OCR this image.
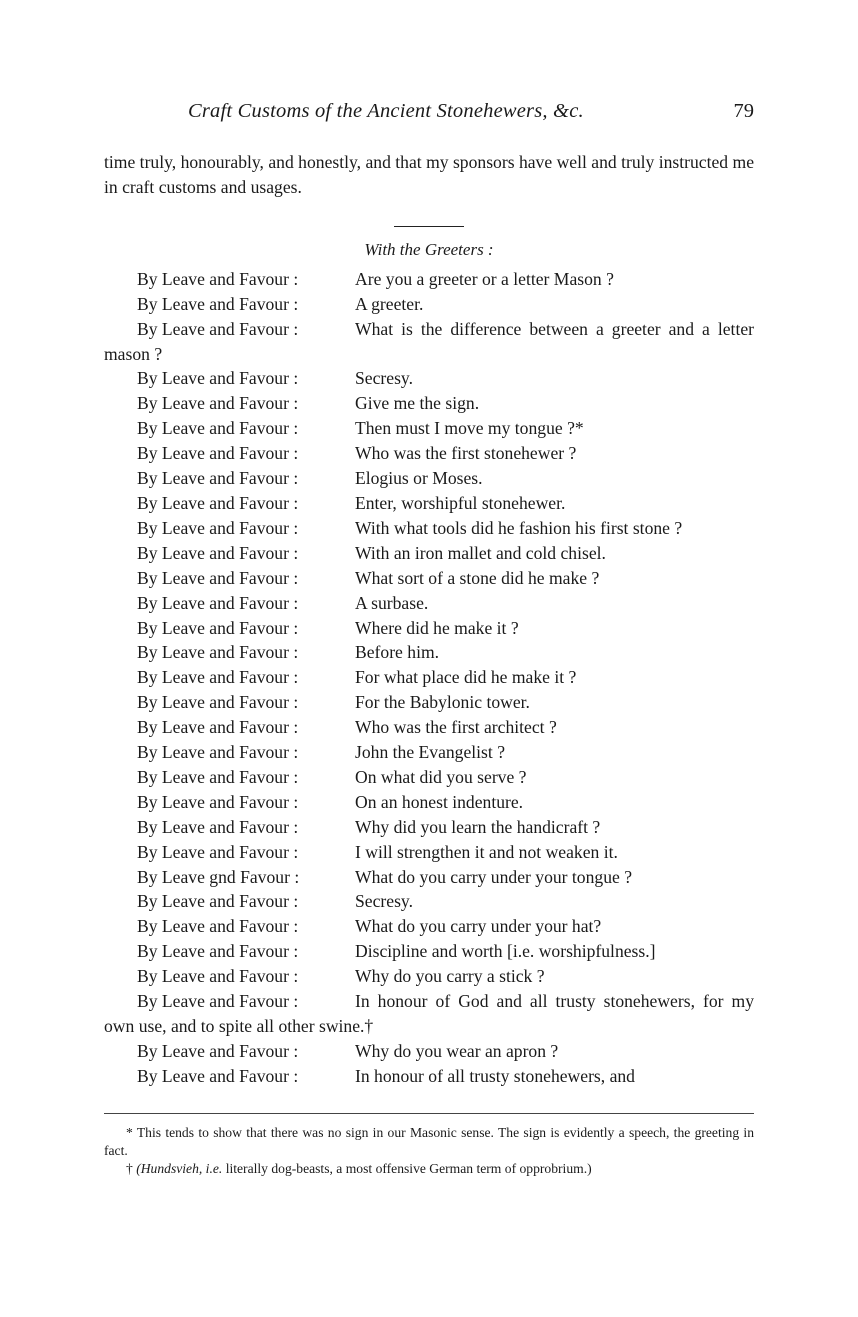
Craft Customs of the Ancient Stonehewers, &c.	79

time truly, honourably, and honestly, and that my sponsors have well and truly instructed me in craft customs and usages.

With the Greeters :
By Leave and Favour :	Are you a greeter or a letter Mason ?
By Leave and Favour :	A greeter.
By Leave and Favour :	What is the difference between a greeter and a letter mason ?
By Leave and Favour :	Secresy.
By Leave and Favour :	Give me the sign.
By Leave and Favour :	Then must I move my tongue ?*
By Leave and Favour :	Who was the first stonehewer ?
By Leave and Favour :	Elogius or Moses.
By Leave and Favour :	Enter, worshipful stonehewer.
By Leave and Favour :	With what tools did he fashion his first stone ?
By Leave and Favour :	With an iron mallet and cold chisel.
By Leave and Favour :	What sort of a stone did he make ?
By Leave and Favour :	A surbase.
By Leave and Favour :	Where did he make it ?
By Leave and Favour :	Before him.
By Leave and Favour :	For what place did he make it ?
By Leave and Favour :	For the Babylonic tower.
By Leave and Favour :	Who was the first architect ?
By Leave and Favour :	John the Evangelist ?
By Leave and Favour :	On what did you serve ?
By Leave and Favour :	On an honest indenture.
By Leave and Favour :	Why did you learn the handicraft ?
By Leave and Favour :	I will strengthen it and not weaken it.
By Leave gnd Favour :	What do you carry under your tongue ?
By Leave and Favour :	Secresy.
By Leave and Favour :	What do you carry under your hat?
By Leave and Favour :	Discipline and worth [i.e. worshipfulness.]
By Leave and Favour :	Why do you carry a stick ?
By Leave and Favour :	In honour of God and all trusty stonehewers, for my own use, and to spite all other swine.†
By Leave and Favour :	Why do you wear an apron ?
By Leave and Favour :	In honour of all trusty stonehewers, and

* This tends to show that there was no sign in our Masonic sense. The sign is evidently a speech, the greeting in fact.

† (Hundsvieh, i.e. literally dog-beasts, a most offensive German term of opprobrium.)
